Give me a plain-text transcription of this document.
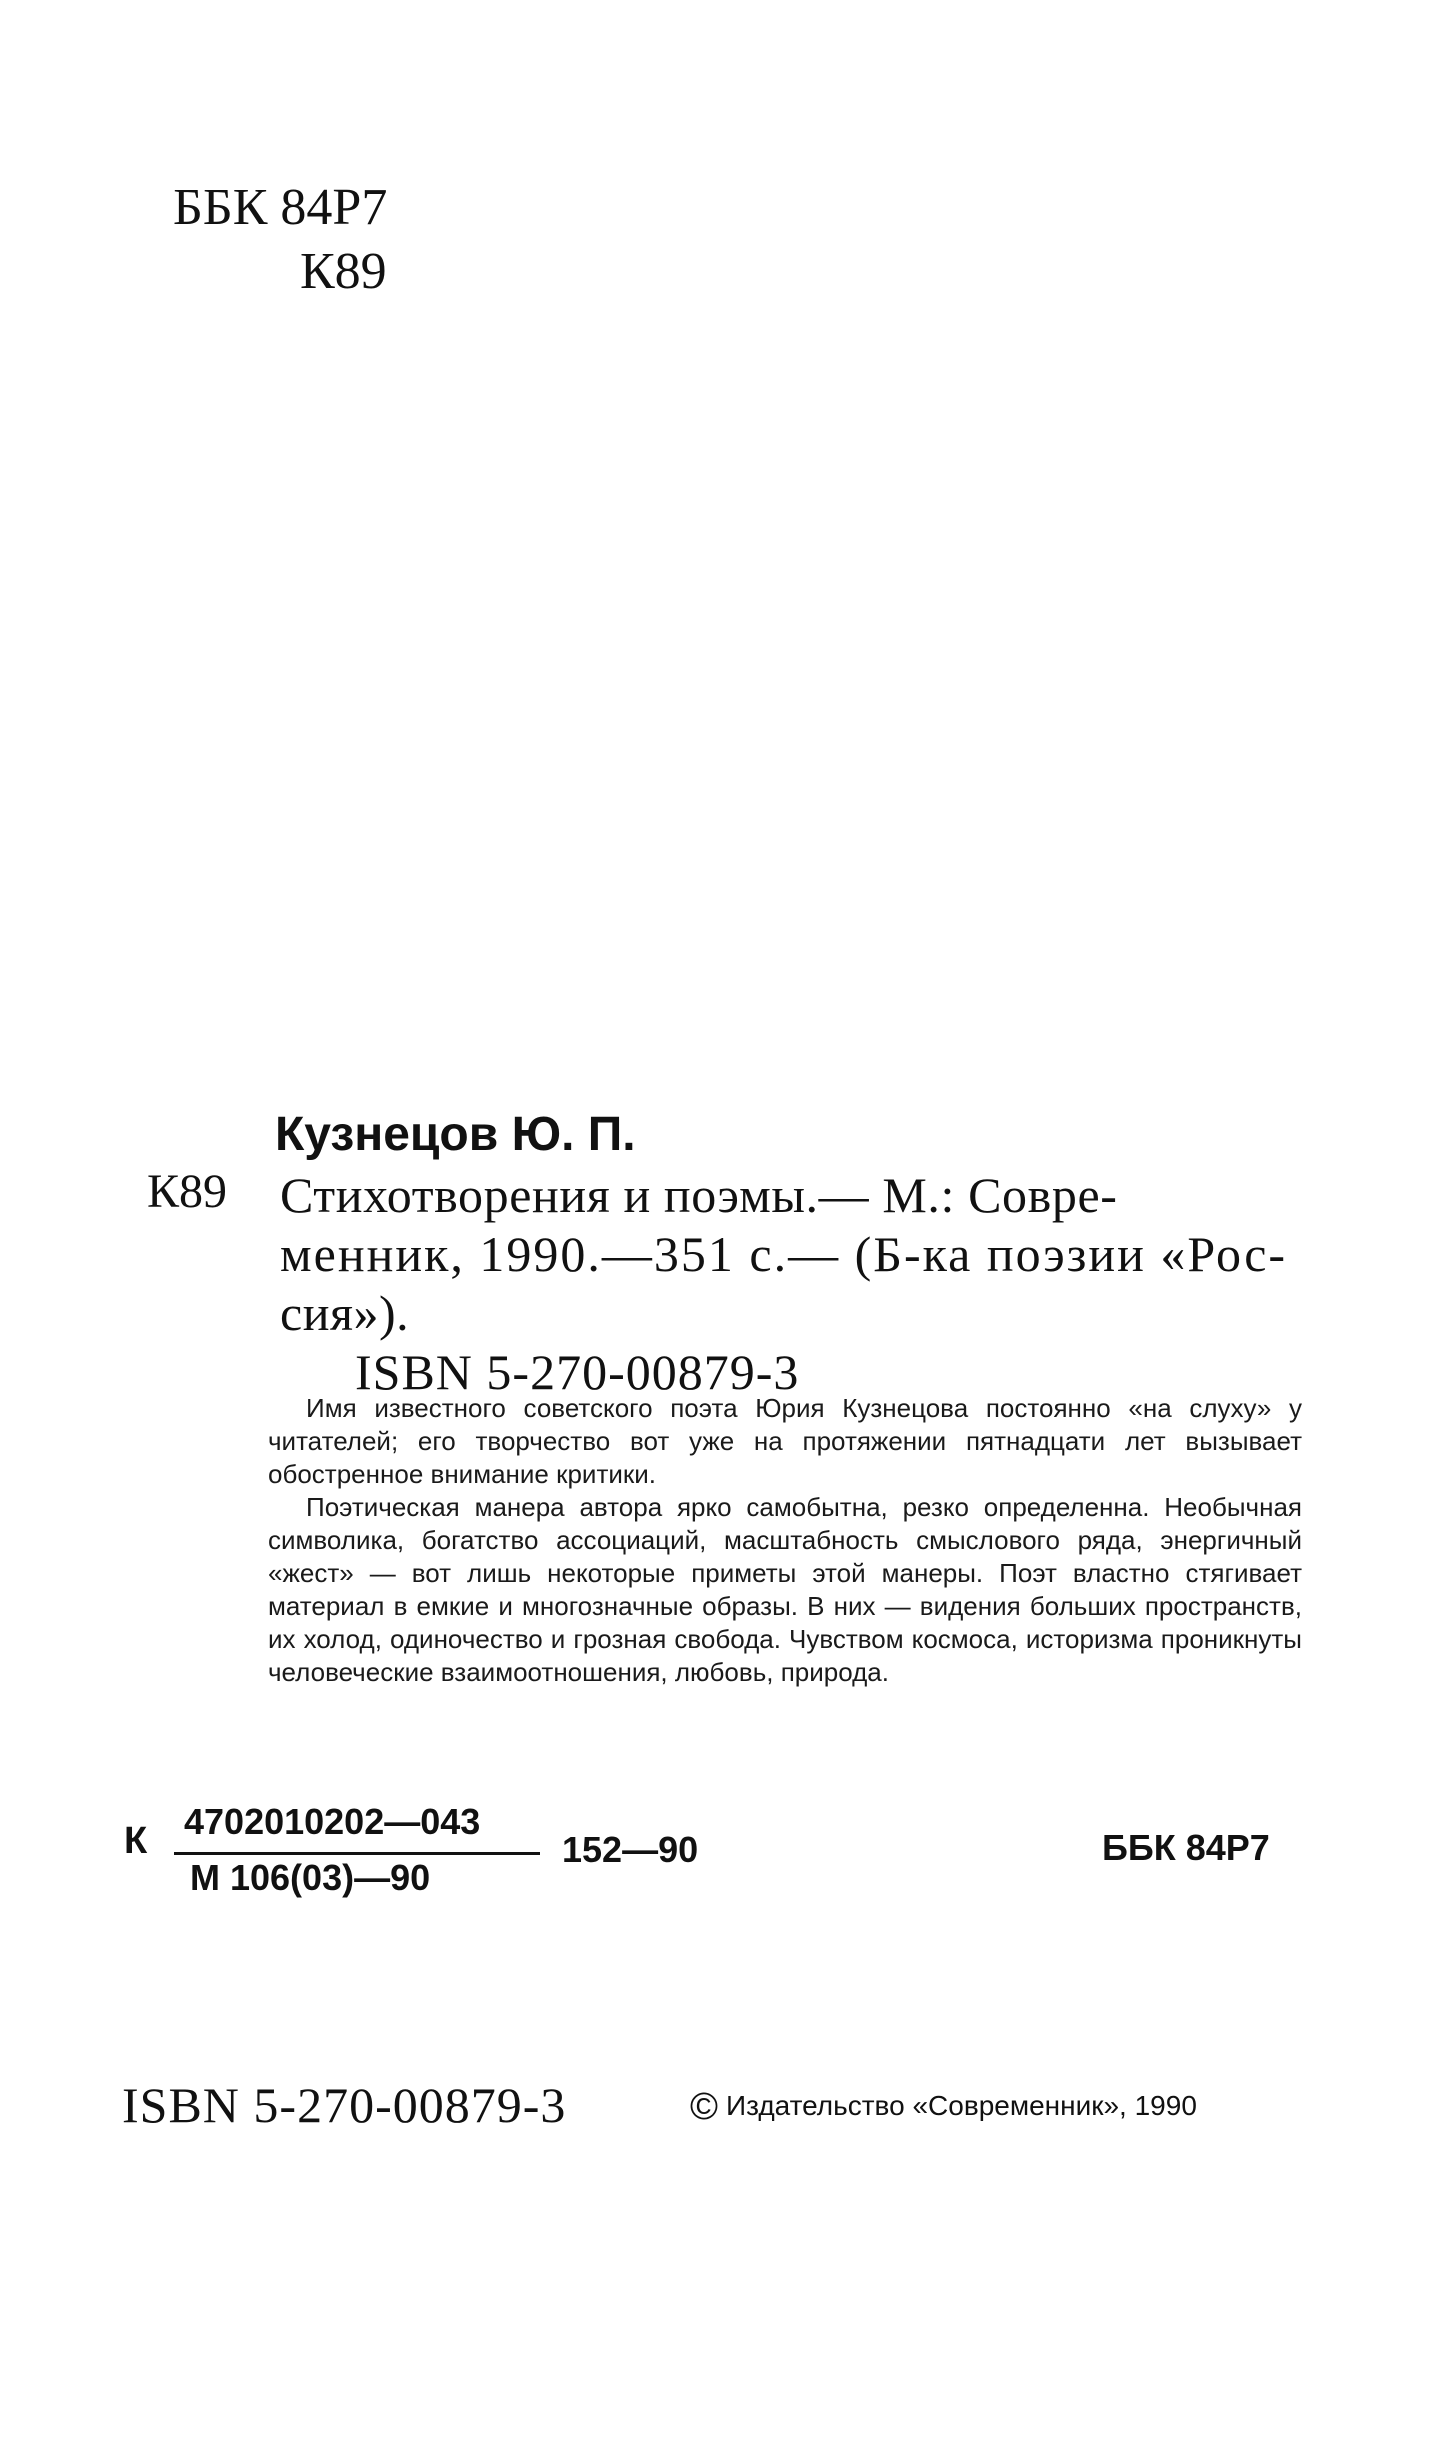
ББК 84Р7
К89
Кузнецов Ю. П.
К89 Стихотворения и поэмы.— М.: Совре-
менник, 1990.—351 с.— (Б-ка поэзии «Рос-
сия»).
ISBN 5-270-00879-3

Имя известного советского поэта Юрия Кузнецова постоянно «на слуху» у читателей; его творчество вот уже на протяжении пятнадцати лет вызывает обостренное внимание критики.

Поэтическая манера автора ярко самобытна, резко определенна. Необычная символика, богатство ассоциаций, масштабность смыслового ряда, энергичный «жест» — вот лишь некоторые приметы этой манеры. Поэт властно стягивает материал в емкие и многозначные образы. В них — видения больших пространств, их холод, одиночество и грозная свобода. Чувством космоса, историзма проникнуты человеческие взаимоотношения, любовь, природа.

К 4702010202—043
М 106(03)—90
152—90	ББК 84Р7
ISBN 5-270-00879-3	© Издательство «Современник», 1990
